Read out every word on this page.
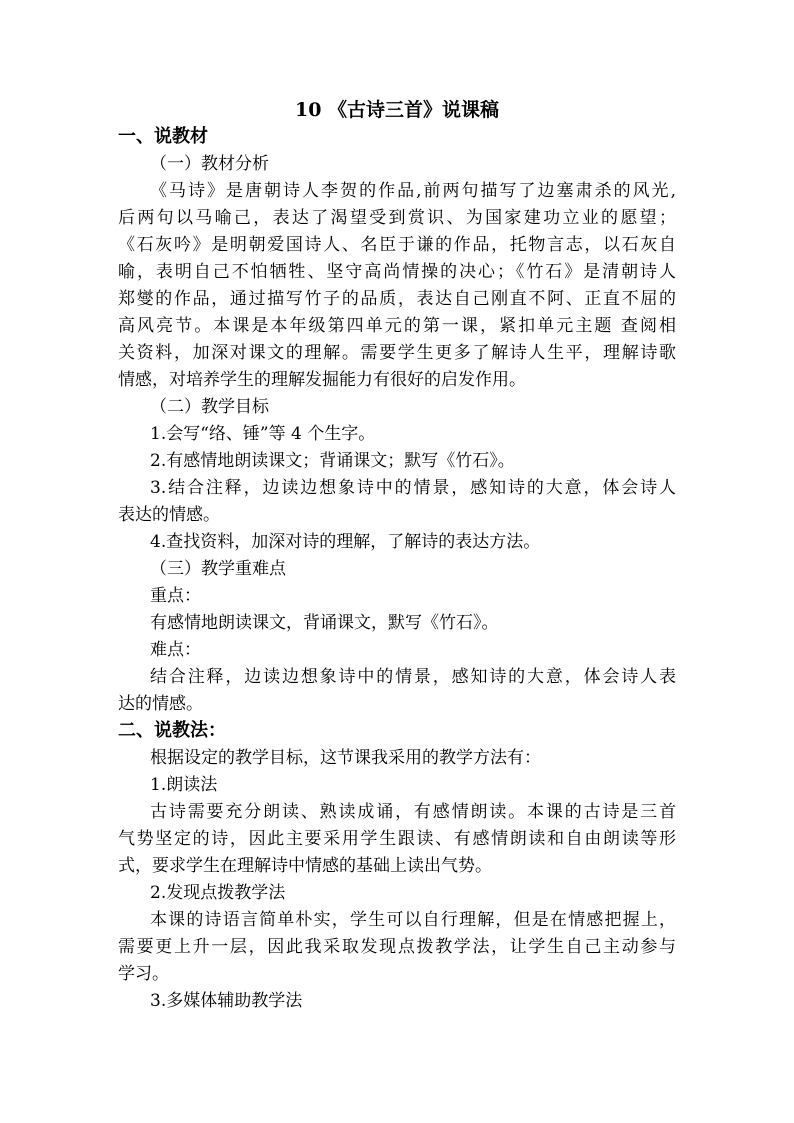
10 《古诗三首》说课稿
一、说教材
（一）教材分析
《马诗》是唐朝诗人李贺的作品,前两句描写了边塞肃杀的风光,
后两句以马喻己，表达了渴望受到赏识、为国家建功立业的愿望；
《石灰吟》是明朝爱国诗人、名臣于谦的作品，托物言志，以石灰自
喻，表明自己不怕牺牲、坚守高尚情操的决心；《竹石》是清朝诗人
郑燮的作品，通过描写竹子的品质，表达自己刚直不阿、正直不屈的
高风亮节。本课是本年级第四单元的第一课，紧扣单元主题 查阅相
关资料，加深对课文的理解。需要学生更多了解诗人生平，理解诗歌
情感，对培养学生的理解发掘能力有很好的启发作用。
（二）教学目标
1.会写“络、锤”等 4 个生字。
2.有感情地朗读课文；背诵课文；默写《竹石》。
3.结合注释，边读边想象诗中的情景，感知诗的大意，体会诗人
表达的情感。
4.查找资料，加深对诗的理解，了解诗的表达方法。
（三）教学重难点
重点：
有感情地朗读课文，背诵课文，默写《竹石》。
难点：
结合注释，边读边想象诗中的情景，感知诗的大意，体会诗人表
达的情感。
二、说教法：
根据设定的教学目标，这节课我采用的教学方法有：
1.朗读法
古诗需要充分朗读、熟读成诵，有感情朗读。本课的古诗是三首
气势坚定的诗，因此主要采用学生跟读、有感情朗读和自由朗读等形
式，要求学生在理解诗中情感的基础上读出气势。
2.发现点拨教学法
本课的诗语言简单朴实，学生可以自行理解，但是在情感把握上，
需要更上升一层，因此我采取发现点拨教学法，让学生自己主动参与
学习。
3.多媒体辅助教学法
